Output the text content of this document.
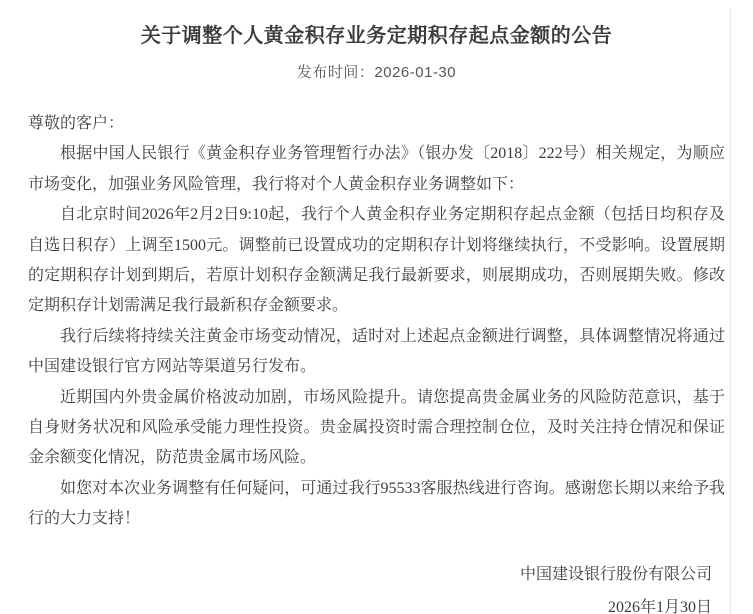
关于调整个人黄金积存业务定期积存起点金额的公告
发布时间：2026-01-30

尊敬的客户：

根据中国人民银行《黄金积存业务管理暂行办法》（银办发〔2018〕222号）相关规定，为顺应市场变化，加强业务风险管理，我行将对个人黄金积存业务调整如下：

自北京时间2026年2月2日9:10起，我行个人黄金积存业务定期积存起点金额（包括日均积存及自选日积存）上调至1500元。调整前已设置成功的定期积存计划将继续执行，不受影响。设置展期的定期积存计划到期后，若原计划积存金额满足我行最新要求，则展期成功，否则展期失败。修改定期积存计划需满足我行最新积存金额要求。

我行后续将持续关注黄金市场变动情况，适时对上述起点金额进行调整，具体调整情况将通过中国建设银行官方网站等渠道另行发布。

近期国内外贵金属价格波动加剧，市场风险提升。请您提高贵金属业务的风险防范意识，基于自身财务状况和风险承受能力理性投资。贵金属投资时需合理控制仓位，及时关注持仓情况和保证金余额变化情况，防范贵金属市场风险。

如您对本次业务调整有任何疑问，可通过我行95533客服热线进行咨询。感谢您长期以来给予我行的大力支持！

中国建设银行股份有限公司

2026年1月30日
